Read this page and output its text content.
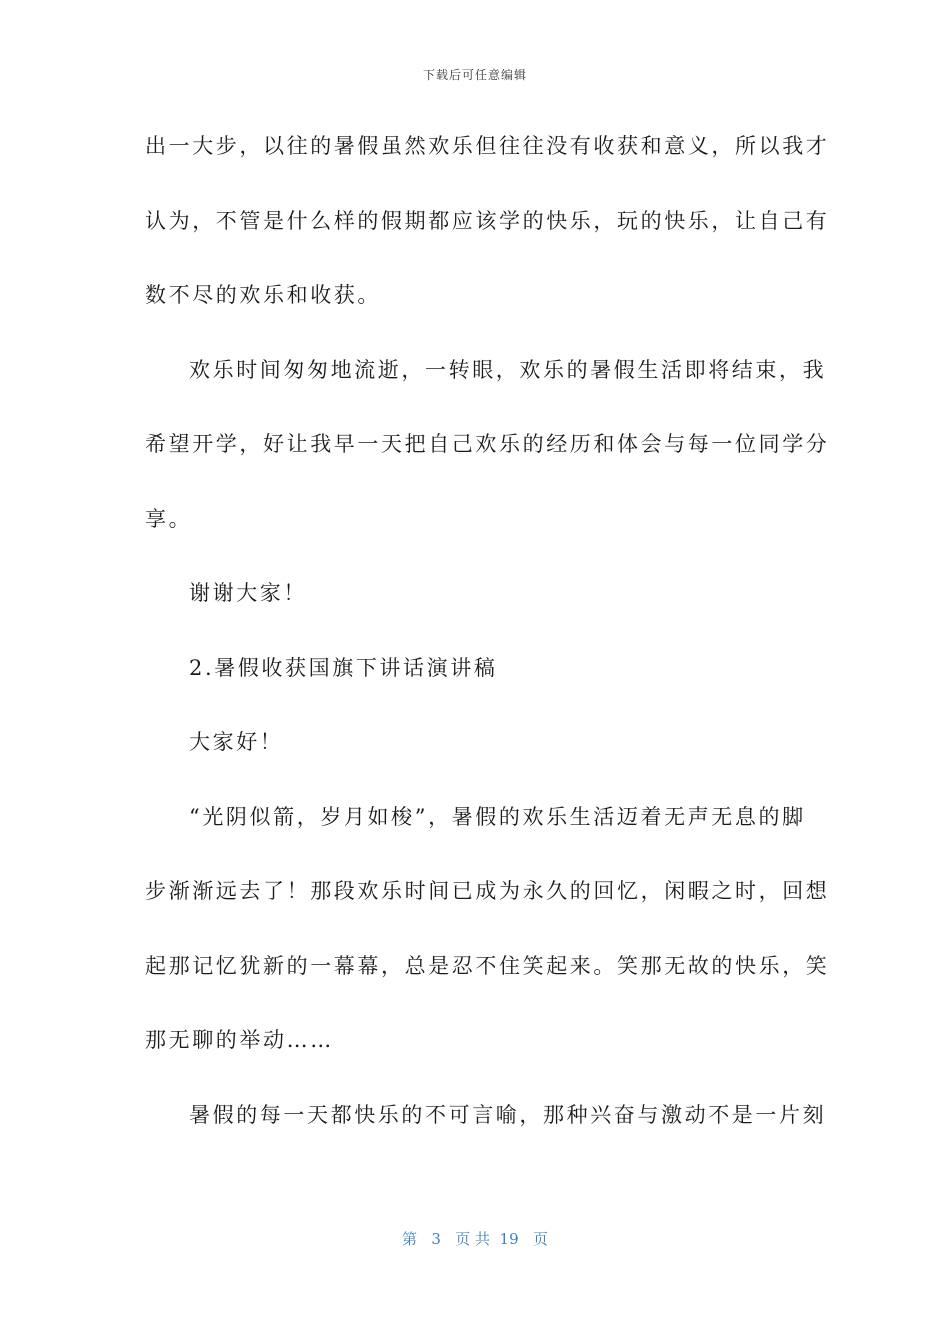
下载后可任意编辑
出一大步，以往的暑假虽然欢乐但往往没有收获和意义，所以我才
认为，不管是什么样的假期都应该学的快乐，玩的快乐，让自己有
数不尽的欢乐和收获。
欢乐时间匆匆地流逝，一转眼，欢乐的暑假生活即将结束，我
希望开学，好让我早一天把自己欢乐的经历和体会与每一位同学分
享。
谢谢大家！
2.暑假收获国旗下讲话演讲稿
大家好！
“光阴似箭，岁月如梭”，暑假的欢乐生活迈着无声无息的脚
步渐渐远去了！那段欢乐时间已成为永久的回忆，闲暇之时，回想
起那记忆犹新的一幕幕，总是忍不住笑起来。笑那无故的快乐，笑
那无聊的举动……
暑假的每一天都快乐的不可言喻，那种兴奋与激动不是一片刻
第 3 页 共 19 页
